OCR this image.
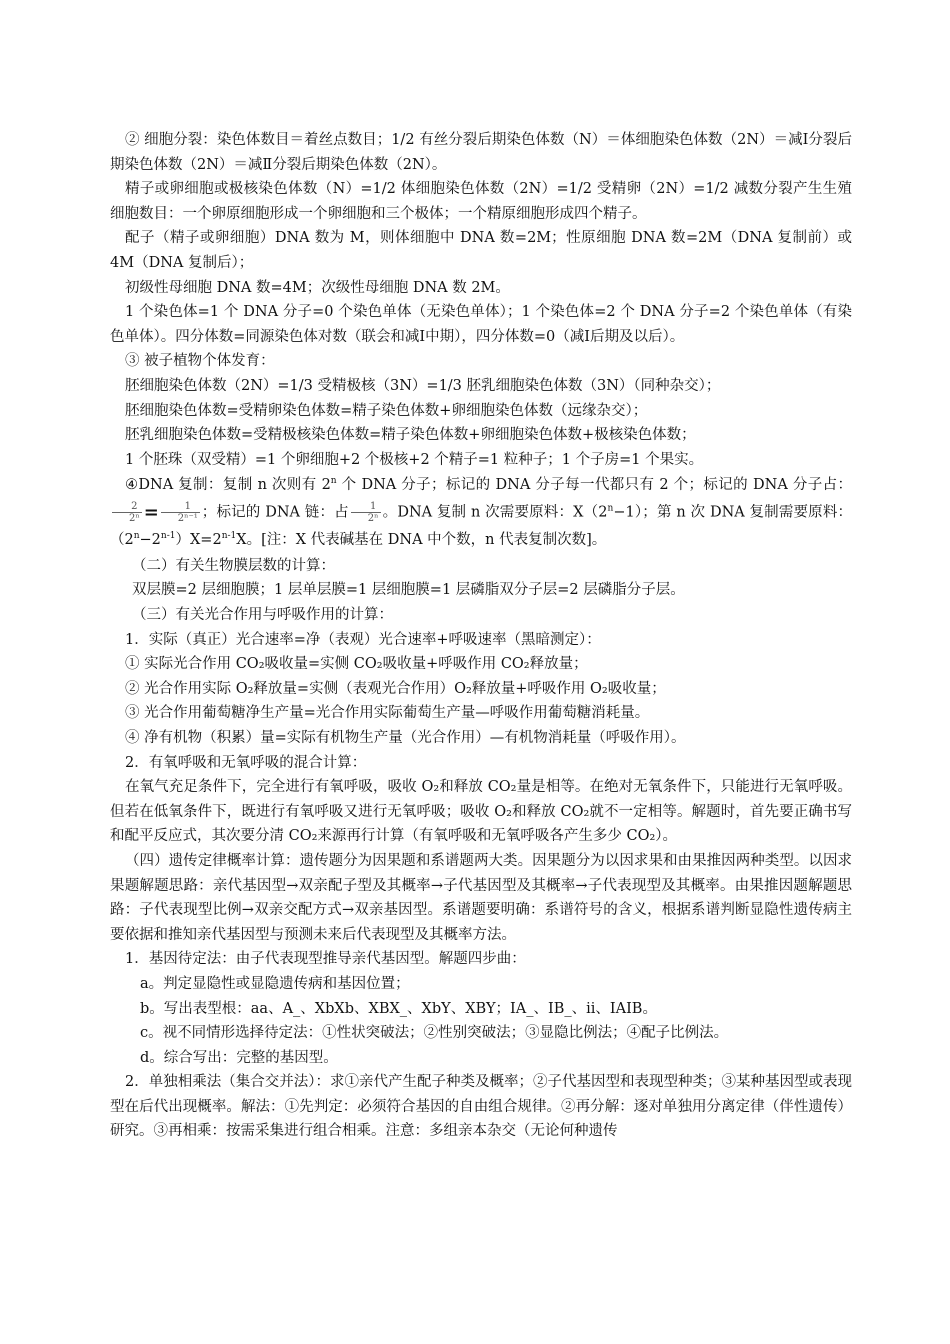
② 细胞分裂：染色体数目＝着丝点数目；1/2 有丝分裂后期染色体数（N）＝体细胞染色体数（2N）＝减Ⅰ分裂后期染色体数（2N）＝减Ⅱ分裂后期染色体数（2N）。

精子或卵细胞或极核染色体数（N）=1/2 体细胞染色体数（2N）=1/2 受精卵（2N）=1/2 减数分裂产生生殖细胞数目：一个卵原细胞形成一个卵细胞和三个极体；一个精原细胞形成四个精子。

配子（精子或卵细胞）DNA 数为 M，则体细胞中 DNA 数=2M；性原细胞 DNA 数=2M（DNA 复制前）或 4M（DNA 复制后）；

初级性母细胞 DNA 数=4M；次级性母细胞 DNA 数 2M。

1 个染色体=1 个 DNA 分子=0 个染色单体（无染色单体）；1 个染色体=2 个 DNA 分子=2 个染色单体（有染色单体）。四分体数=同源染色体对数（联会和减Ⅰ中期），四分体数=0（减Ⅰ后期及以后）。

③ 被子植物个体发育：

胚细胞染色体数（2N）=1/3 受精极核（3N）=1/3 胚乳细胞染色体数（3N）（同种杂交）；

胚细胞染色体数=受精卵染色体数=精子染色体数+卵细胞染色体数（远缘杂交）；

胚乳细胞染色体数=受精极核染色体数=精子染色体数+卵细胞染色体数+极核染色体数；

1 个胚珠（双受精）=1 个卵细胞+2 个极核+2 个精子=1 粒种子；1 个子房=1 个果实。

④DNA 复制：复制 n 次则有 2$^n$ 个 DNA 分子；标记的 DNA 分子每一代都只有 2 个；标记的 DNA 分子占：
$\frac{2}{\text{2ⁿ}} = \frac{1}{\text{2ⁿ⁻¹}}$ ；标记的 DNA 链：占 $\frac{1}{\text{2ⁿ}}$ 。DNA 复制 n 次需要原料：$X(2^n-1)$；第 n 次 DNA 复制需要原料：$(2^n-2^{n-1})X=2^{n-1}X$。[注：X 代表碱基在 DNA 中个数，n 代表复制次数]。

（二）有关生物膜层数的计算：

双层膜=2 层细胞膜；1 层单层膜=1 层细胞膜=1 层磷脂双分子层=2 层磷脂分子层。

（三）有关光合作用与呼吸作用的计算：

1．实际（真正）光合速率=净（表观）光合速率+呼吸速率（黑暗测定）：

① 实际光合作用 CO₂吸收量=实侧 CO₂吸收量+呼吸作用 CO₂释放量；

② 光合作用实际 O₂释放量=实侧（表观光合作用）O₂释放量+呼吸作用 O₂吸收量；

③ 光合作用葡萄糖净生产量=光合作用实际葡萄生产量—呼吸作用葡萄糖消耗量。

④ 净有机物（积累）量=实际有机物生产量（光合作用）—有机物消耗量（呼吸作用）。

2．有氧呼吸和无氧呼吸的混合计算：

在氧气充足条件下，完全进行有氧呼吸，吸收 O₂和释放 CO₂量是相等。在绝对无氧条件下，只能进行无氧呼吸。但若在低氧条件下，既进行有氧呼吸又进行无氧呼吸；吸收 O₂和释放 CO₂就不一定相等。解题时，首先要正确书写和配平反应式，其次要分清 CO₂来源再行计算（有氧呼吸和无氧呼吸各产生多少 CO₂）。

（四）遗传定律概率计算：遗传题分为因果题和系谱题两大类。因果题分为以因求果和由果推因两种类型。以因求果题解题思路：亲代基因型→双亲配子型及其概率→子代基因型及其概率→子代表现型及其概率。由果推因题解题思路：子代表现型比例→双亲交配方式→双亲基因型。系谱题要明确：系谱符号的含义，根据系谱判断显隐性遗传病主要依据和推知亲代基因型与预测未来后代表现型及其概率方法。

1．基因待定法：由子代表现型推导亲代基因型。解题四步曲：

a。判定显隐性或显隐遗传病和基因位置；

b。写出表型根：aa、A_、XbXb、XBX_、XbY、XBY；IA_、IB_、ii、IAIB。

c。视不同情形选择待定法：①性状突破法；②性别突破法；③显隐比例法；④配子比例法。

d。综合写出：完整的基因型。

2．单独相乘法（集合交并法）：求①亲代产生配子种类及概率；②子代基因型和表现型种类；③某种基因型或表现型在后代出现概率。解法：①先判定：必须符合基因的自由组合规律。②再分解：逐对单独用分离定律（伴性遗传）研究。③再相乘：按需采集进行组合相乘。注意：多组亲本杂交（无论何种遗传
